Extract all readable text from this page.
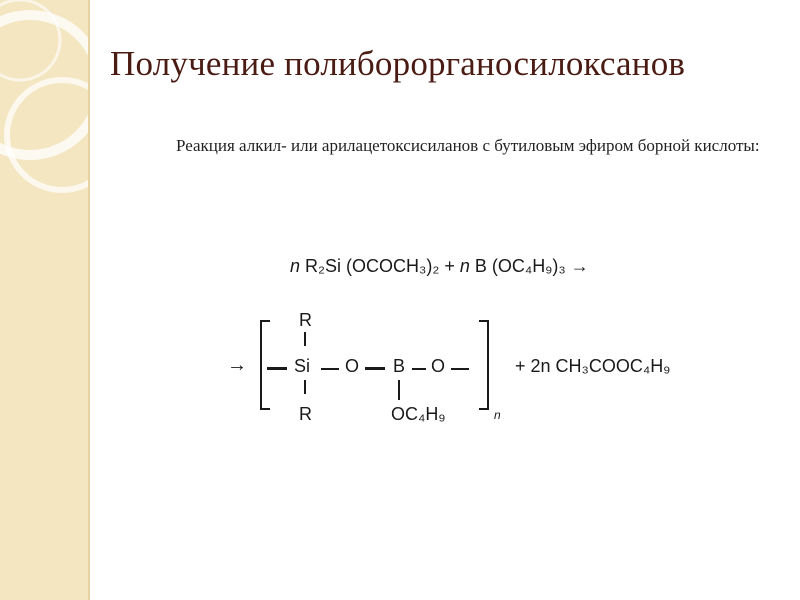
Получение полиборорганосилоксанов
Реакция алкил- или арилацетоксисиланов с бутиловым эфиром борной кислоты:
n R₂Si (OCOCH₃)₂ + n B (OC₄H₉)₃ →
→
n
R
Si
R
O B O
OC₄H₉
+ 2n CH₃COOC₄H₉
